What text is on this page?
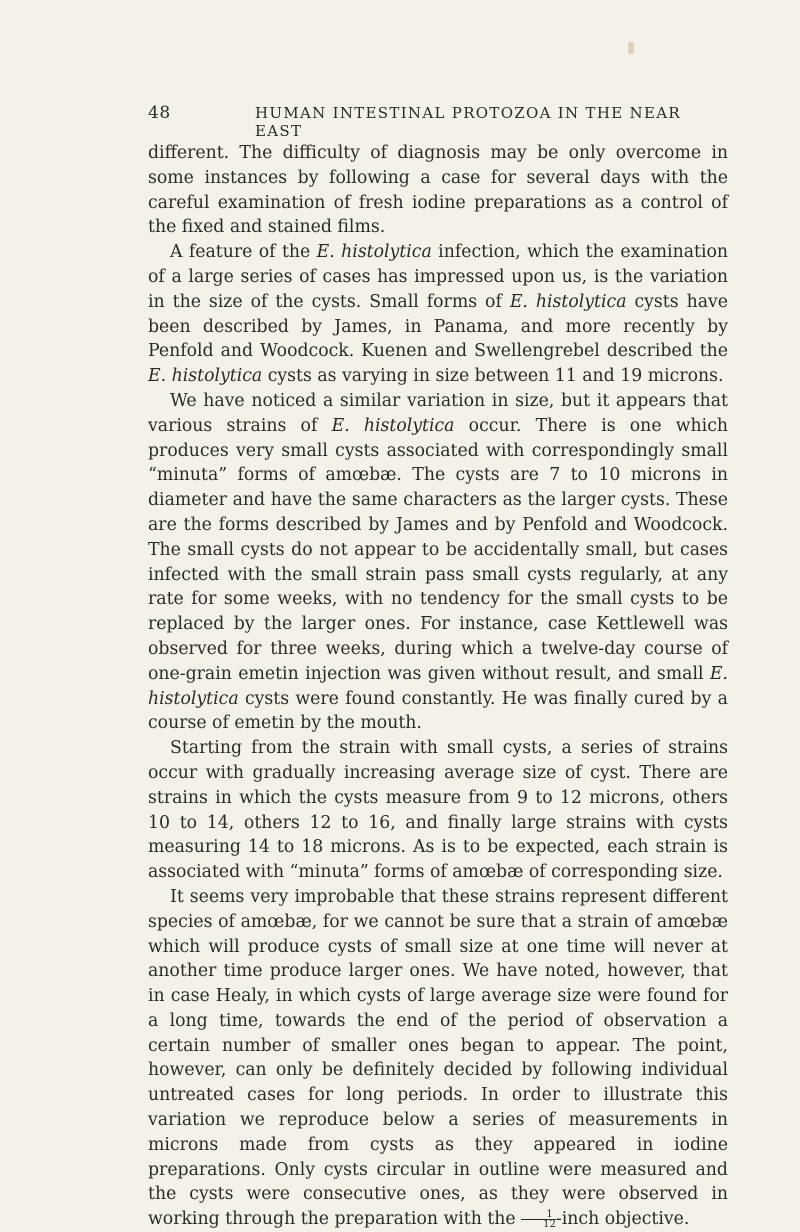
48	HUMAN INTESTINAL PROTOZOA IN THE NEAR EAST

different. The difficulty of diagnosis may be only overcome in some instances by following a case for several days with the careful examination of fresh iodine preparations as a control of the fixed and stained films.

A feature of the E. histolytica infection, which the examination of a large series of cases has impressed upon us, is the variation in the size of the cysts. Small forms of E. histolytica cysts have been described by James, in Panama, and more recently by Penfold and Woodcock. Kuenen and Swellengrebel described the E. histolytica cysts as varying in size between 11 and 19 microns.

We have noticed a similar variation in size, but it appears that various strains of E. histolytica occur. There is one which produces very small cysts associated with correspondingly small “minuta” forms of amœbæ. The cysts are 7 to 10 microns in diameter and have the same characters as the larger cysts. These are the forms described by James and by Penfold and Woodcock. The small cysts do not appear to be accidentally small, but cases infected with the small strain pass small cysts regularly, at any rate for some weeks, with no tendency for the small cysts to be replaced by the larger ones. For instance, case Kettlewell was observed for three weeks, during which a twelve-day course of one-grain emetin injection was given without result, and small E. histolytica cysts were found constantly. He was finally cured by a course of emetin by the mouth.

Starting from the strain with small cysts, a series of strains occur with gradually increasing average size of cyst. There are strains in which the cysts measure from 9 to 12 microns, others 10 to 14, others 12 to 16, and finally large strains with cysts measuring 14 to 18 microns. As is to be expected, each strain is associated with “minuta” forms of amœbæ of corresponding size.

It seems very improbable that these strains represent different species of amœbæ, for we cannot be sure that a strain of amœbæ which will produce cysts of small size at one time will never at another time produce larger ones. We have noted, however, that in case Healy, in which cysts of large average size were found for a long time, towards the end of the period of observation a certain number of smaller ones began to appear. The point, however, can only be definitely decided by following individual untreated cases for long periods. In order to illustrate this variation we reproduce below a series of measurements in microns made from cysts as they appeared in iodine preparations. Only cysts circular in outline were measured and the cysts were consecutive ones, as they were observed in working through the preparation with the $\frac{1}{12}$ -inch objective.
